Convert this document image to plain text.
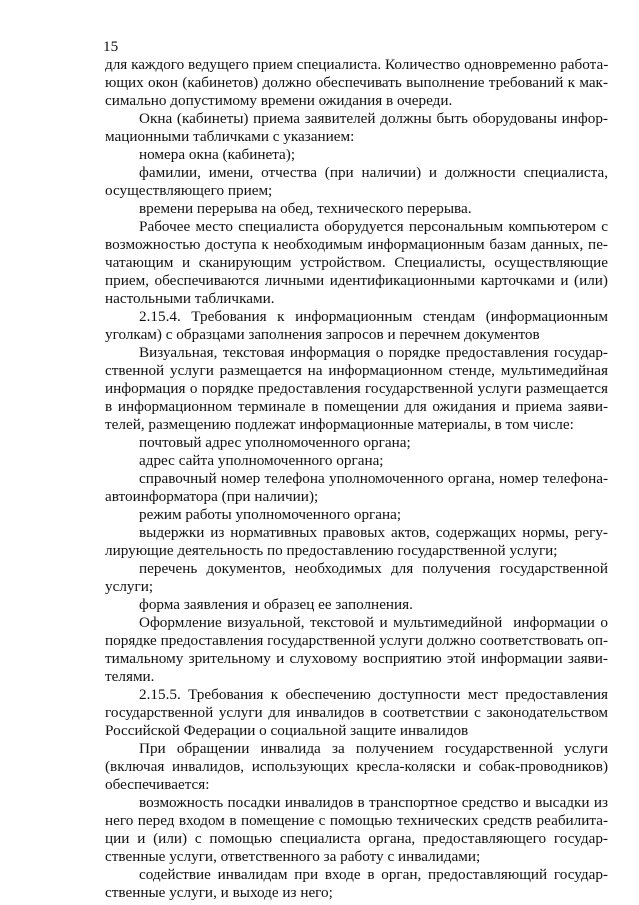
15
для каждого ведущего прием специалиста. Количество одновременно работа-
ющих окон (кабинетов) должно обеспечивать выполнение требований к мак-
симально допустимому времени ожидания в очереди.
Окна (кабинеты) приема заявителей должны быть оборудованы инфор-
мационными табличками с указанием:
номера окна (кабинета);
фамилии, имени, отчества (при наличии) и должности специалиста,
осуществляющего прием;
времени перерыва на обед, технического перерыва.
Рабочее место специалиста оборудуется персональным компьютером с
возможностью доступа к необходимым информационным базам данных, пе-
чатающим и сканирующим устройством. Специалисты, осуществляющие
прием, обеспечиваются личными идентификационными карточками и (или)
настольными табличками.
2.15.4. Требования к информационным стендам (информационным
уголкам) с образцами заполнения запросов и перечнем документов
Визуальная, текстовая информация о порядке предоставления государ-
ственной услуги размещается на информационном стенде, мультимедийная
информация о порядке предоставления государственной услуги размещается
в информационном терминале в помещении для ожидания и приема заяви-
телей, размещению подлежат информационные материалы, в том числе:
почтовый адрес уполномоченного органа;
адрес сайта уполномоченного органа;
справочный номер телефона уполномоченного органа, номер телефона-
автоинформатора (при наличии);
режим работы уполномоченного органа;
выдержки из нормативных правовых актов, содержащих нормы, регу-
лирующие деятельность по предоставлению государственной услуги;
перечень документов, необходимых для получения государственной
услуги;
форма заявления и образец ее заполнения.
Оформление визуальной, текстовой и мультимедийной  информации о
порядке предоставления государственной услуги должно соответствовать оп-
тимальному зрительному и слуховому восприятию этой информации заяви-
телями.
2.15.5. Требования к обеспечению доступности мест предоставления
государственной услуги для инвалидов в соответствии с законодательством
Российской Федерации о социальной защите инвалидов
При обращении инвалида за получением государственной услуги
(включая инвалидов, использующих кресла-коляски и собак-проводников)
обеспечивается:
возможность посадки инвалидов в транспортное средство и высадки из
него перед входом в помещение с помощью технических средств реабилита-
ции и (или) с помощью специалиста органа, предоставляющего государ-
ственные услуги, ответственного за работу с инвалидами;
содействие инвалидам при входе в орган, предоставляющий государ-
ственные услуги, и выходе из него;
